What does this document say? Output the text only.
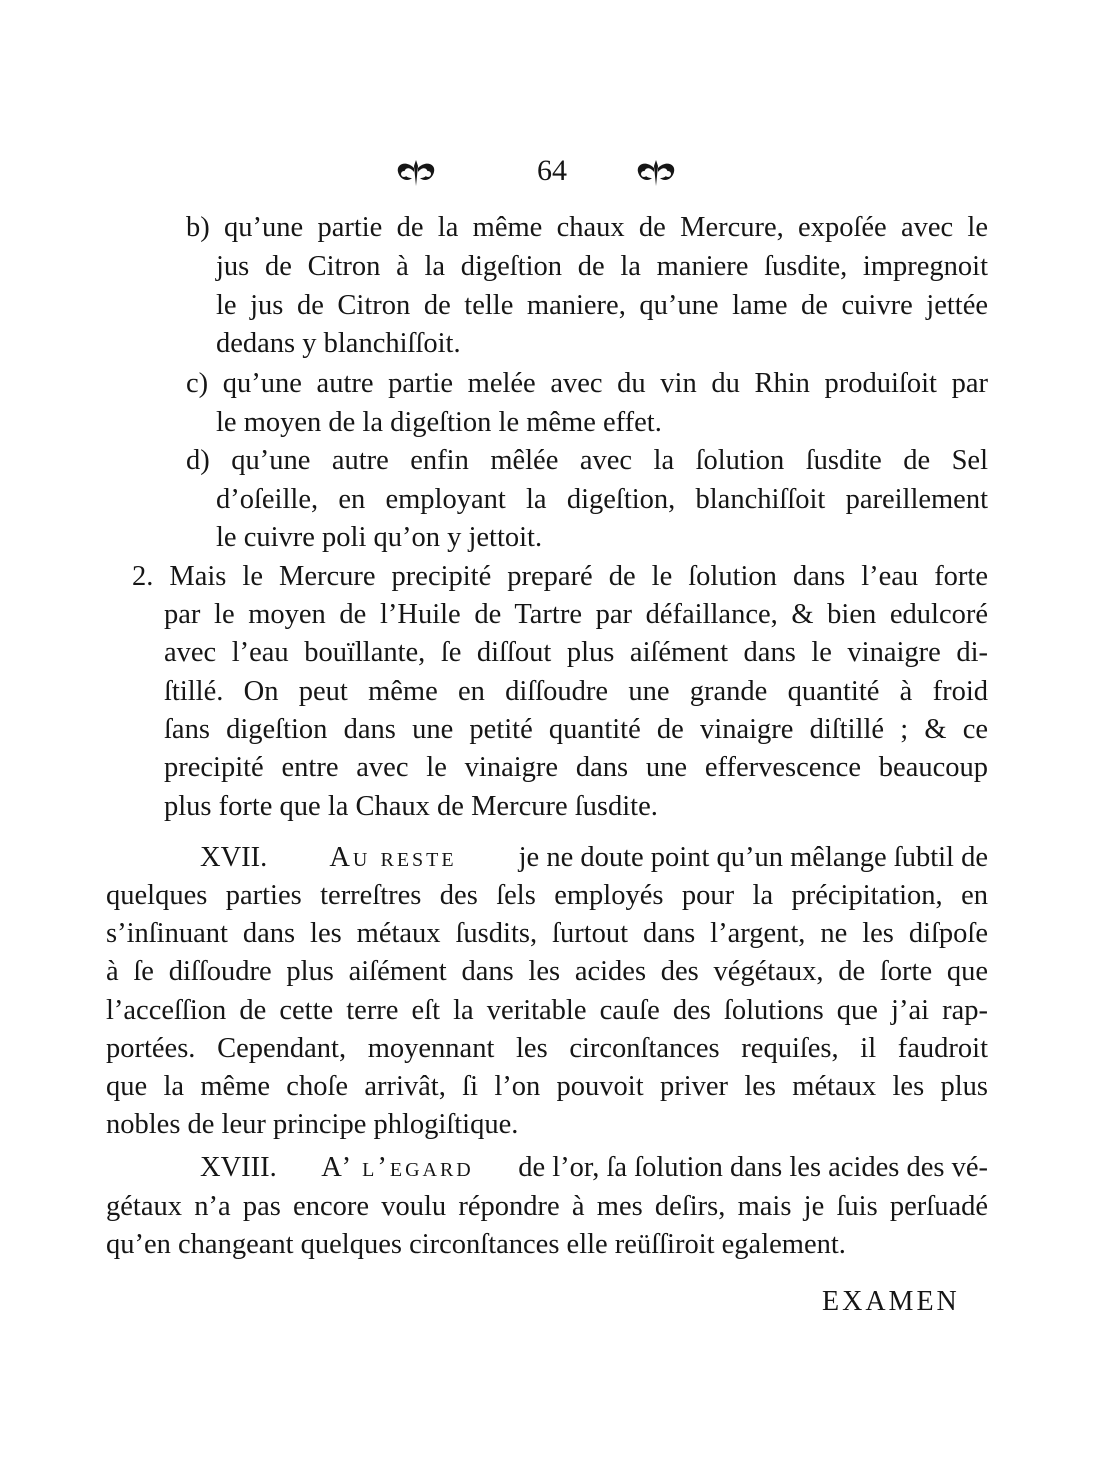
64
b) qu’une partie de la même chaux de Mercure, expoſée avec le
jus de Citron à la digeſtion de la maniere ſusdite, impregnoit
le jus de Citron de telle maniere, qu’une lame de cuivre jettée
dedans y blanchiſſoit.
c) qu’une autre partie melée avec du vin du Rhin produiſoit par
le moyen de la digeſtion le même effet.
d) qu’une autre enfin mêlée avec la ſolution ſusdite de Sel
d’oſeille, en employant la digeſtion, blanchiſſoit pareillement
le cuivre poli qu’on y jettoit.
2. Mais le Mercure precipité preparé de le ſolution dans l’eau forte
par le moyen de l’Huile de Tartre par défaillance, & bien edulcoré
avec l’eau bouïllante, ſe diſſout plus aiſément dans le vinaigre di-
ſtillé. On peut même en diſſoudre une grande quantité à froid
ſans digeſtion dans une petité quantité de vinaigre diſtillé ; & ce
precipité entre avec le vinaigre dans une effervescence beaucoup
plus forte que la Chaux de Mercure ſusdite.
XVII. Au reste je ne doute point qu’un mêlange ſubtil de
quelques parties terreſtres des ſels employés pour la précipitation, en
s’inſinuant dans les métaux ſusdits, ſurtout dans l’argent, ne les diſpoſe
à ſe diſſoudre plus aiſément dans les acides des végétaux, de ſorte que
l’acceſſion de cette terre eſt la veritable cauſe des ſolutions que j’ai rap-
portées. Cependant, moyennant les circonſtances requiſes, il faudroit
que la même choſe arrivât, ſi l’on pouvoit priver les métaux les plus
nobles de leur principe phlogiſtique.
XVIII. A’ l’egard de l’or, ſa ſolution dans les acides des vé-
gétaux n’a pas encore voulu répondre à mes deſirs, mais je ſuis perſuadé
qu’en changeant quelques circonſtances elle reüſſiroit egalement.
EXAMEN
